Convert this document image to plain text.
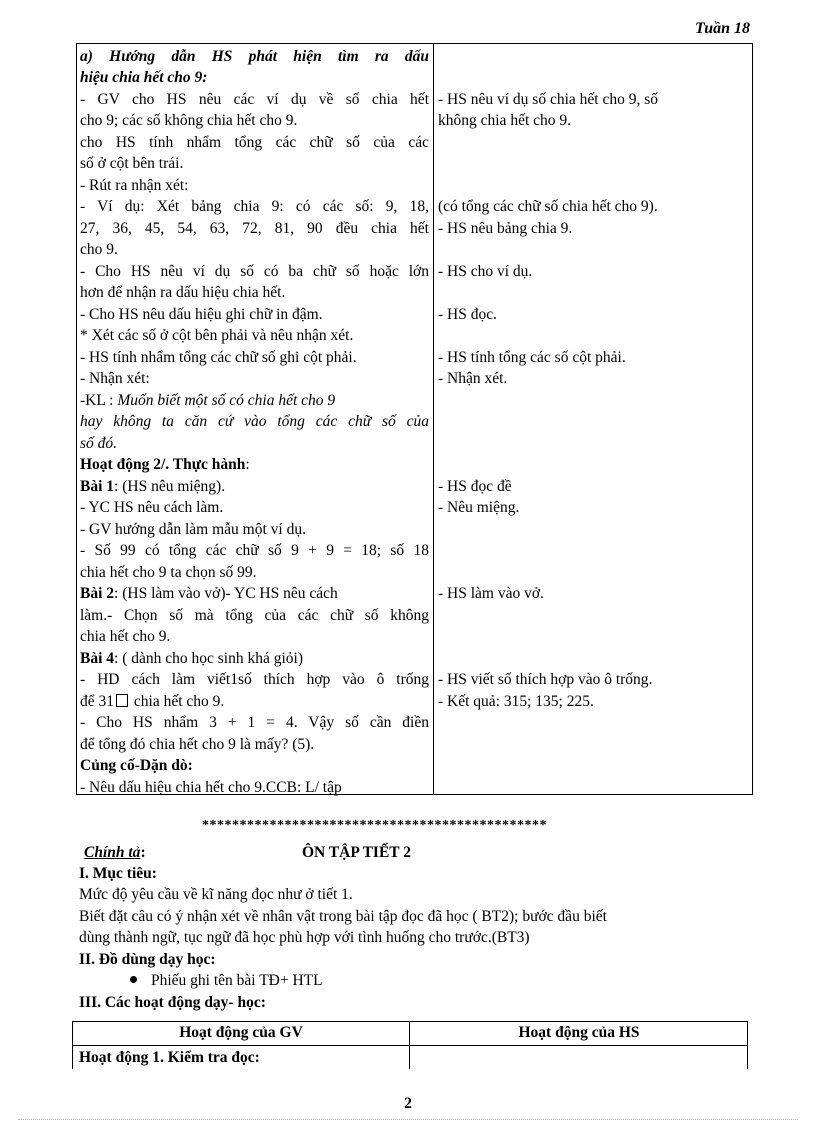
Tuần 18
a) Hướng dẫn HS phát hiện tìm ra dấu
hiệu chia hết cho 9:
- GV cho HS nêu các ví dụ về số chia hết
cho 9; các số không chia hết cho 9.
cho HS tính nhẩm tổng các chữ số của các
số ở cột bên trái.
- Rút ra nhận xét:
- Ví dụ: Xét bảng chia 9: có các số: 9, 18,
27, 36, 45, 54, 63, 72, 81, 90 đều chia hết
cho 9.
- Cho HS nêu ví dụ số có ba chữ số hoặc lớn
hơn để nhận ra dấu hiệu chia hết.
- Cho HS nêu dấu hiệu ghi chữ in đậm.
* Xét các số ở cột bên phải và nêu nhận xét.
- HS tính nhẩm tổng các chữ số ghi cột phải.
- Nhận xét:
-KL : Muốn biết một số có chia hết cho 9
hay không ta căn cứ vào tổng các chữ số của
số đó.
Hoạt động 2/. Thực hành:
Bài 1: (HS nêu miệng).
- YC HS nêu cách làm.
- GV hướng dẫn làm mẫu một ví dụ.
- Số 99 có tổng các chữ số 9 + 9 = 18; số 18
chia hết cho 9 ta chọn số 99.
Bài 2: (HS làm vào vở)- YC HS nêu cách
làm.- Chọn số mà tổng của các chữ số không
chia hết cho 9.
Bài 4: ( dành cho học sinh khá giỏi)
- HD cách làm viết1số thích hợp vào ô trống
để 31 chia hết cho 9.
- Cho HS nhẩm 3 + 1 = 4. Vậy số cần điền
để tổng đó chia hết cho 9 là mấy? (5).
Củng cố-Dặn dò:
- Nêu dấu hiệu chia hết cho 9.CCB: L/ tập
- HS nêu ví dụ số chia hết cho 9, số
không chia hết cho 9.
(có tổng các chữ số chia hết cho 9).
- HS nêu bảng chia 9.
- HS cho ví dụ.
- HS đọc.
- HS tính tổng các số cột phải.
- Nhận xét.
- HS đọc đề
- Nêu miệng.
- HS làm vào vở.
- HS viết số thích hợp vào ô trống.
- Kết quả: 315; 135; 225.
**********************************************
Chính tả:	ÔN TẬP TIẾT 2
I. Mục tiêu:
Mức độ yêu cầu về kĩ năng đọc như ở tiết 1.
Biết đặt câu có ý nhận xét về nhân vật trong bài tập đọc đã học ( BT2); bước đầu biết
dùng thành ngữ, tục ngữ đã học phù hợp với tình huống cho trước.(BT3)
II. Đồ dùng dạy học:
Phiếu ghi tên bài TĐ+ HTL
III. Các hoạt động dạy- học:
Hoạt động của GV	Hoạt động của HS
Hoạt động 1. Kiểm tra đọc:
2
